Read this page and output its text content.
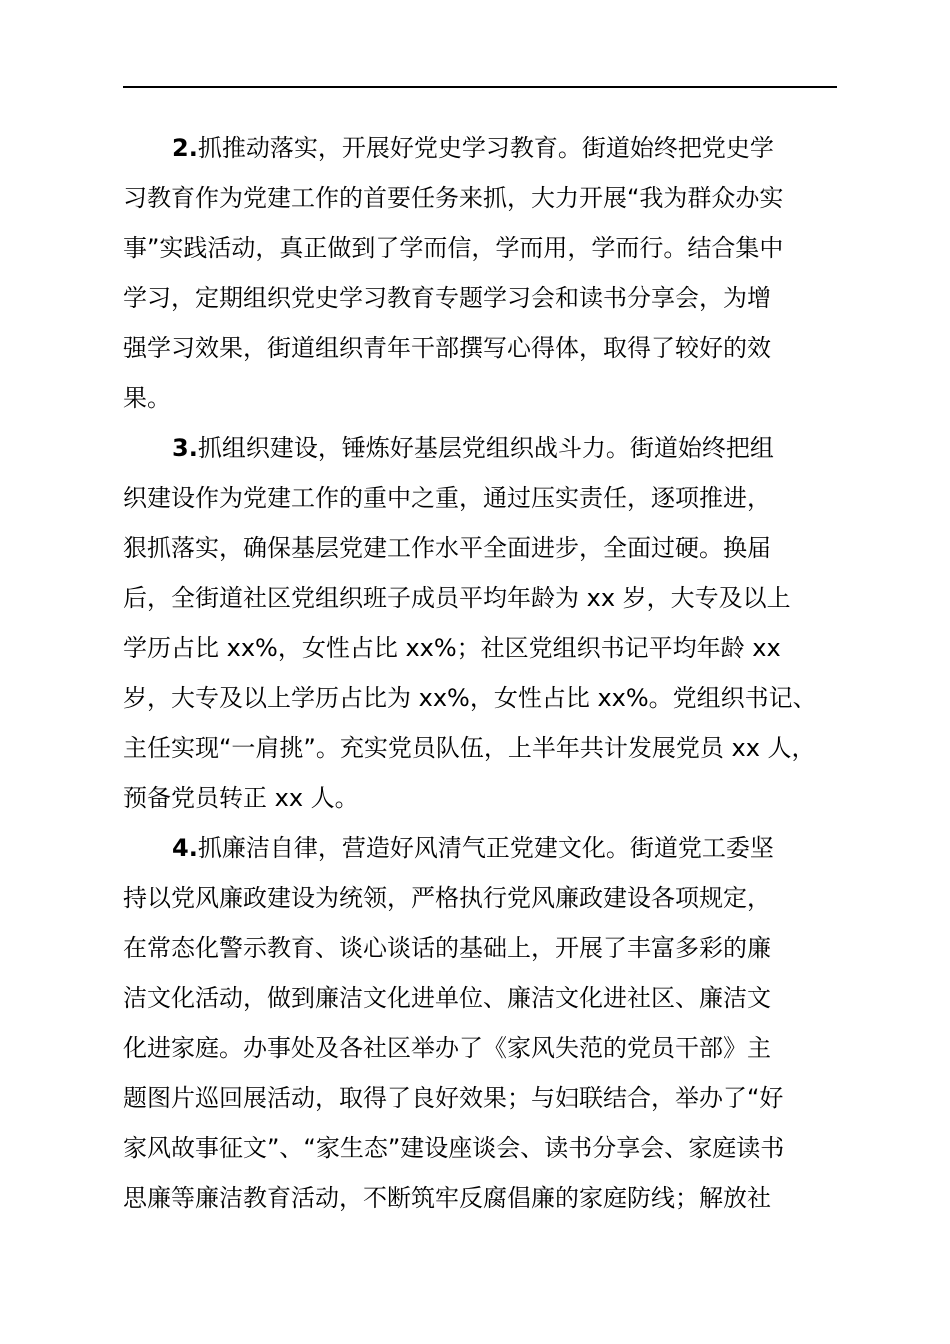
2.抓推动落实，开展好党史学习教育。街道始终把党史学

习教育作为党建工作的首要任务来抓，大力开展“我为群众办实

事”实践活动，真正做到了学而信，学而用，学而行。结合集中

学习，定期组织党史学习教育专题学习会和读书分享会，为增

强学习效果，街道组织青年干部撰写心得体，取得了较好的效

果。

3.抓组织建设，锤炼好基层党组织战斗力。街道始终把组

织建设作为党建工作的重中之重，通过压实责任，逐项推进，

狠抓落实，确保基层党建工作水平全面进步，全面过硬。换届

后，全街道社区党组织班子成员平均年龄为 xx 岁，大专及以上

学历占比 xx%，女性占比 xx%；社区党组织书记平均年龄 xx

岁，大专及以上学历占比为 xx%，女性占比 xx%。党组织书记、

主任实现“一肩挑”。充实党员队伍，上半年共计发展党员 xx 人，

预备党员转正 xx 人。

4.抓廉洁自律，营造好风清气正党建文化。街道党工委坚

持以党风廉政建设为统领，严格执行党风廉政建设各项规定，

在常态化警示教育、谈心谈话的基础上，开展了丰富多彩的廉

洁文化活动，做到廉洁文化进单位、廉洁文化进社区、廉洁文

化进家庭。办事处及各社区举办了《家风失范的党员干部》主

题图片巡回展活动，取得了良好效果；与妇联结合，举办了“好

家风故事征文”、“家生态”建设座谈会、读书分享会、家庭读书

思廉等廉洁教育活动，不断筑牢反腐倡廉的家庭防线；解放社
